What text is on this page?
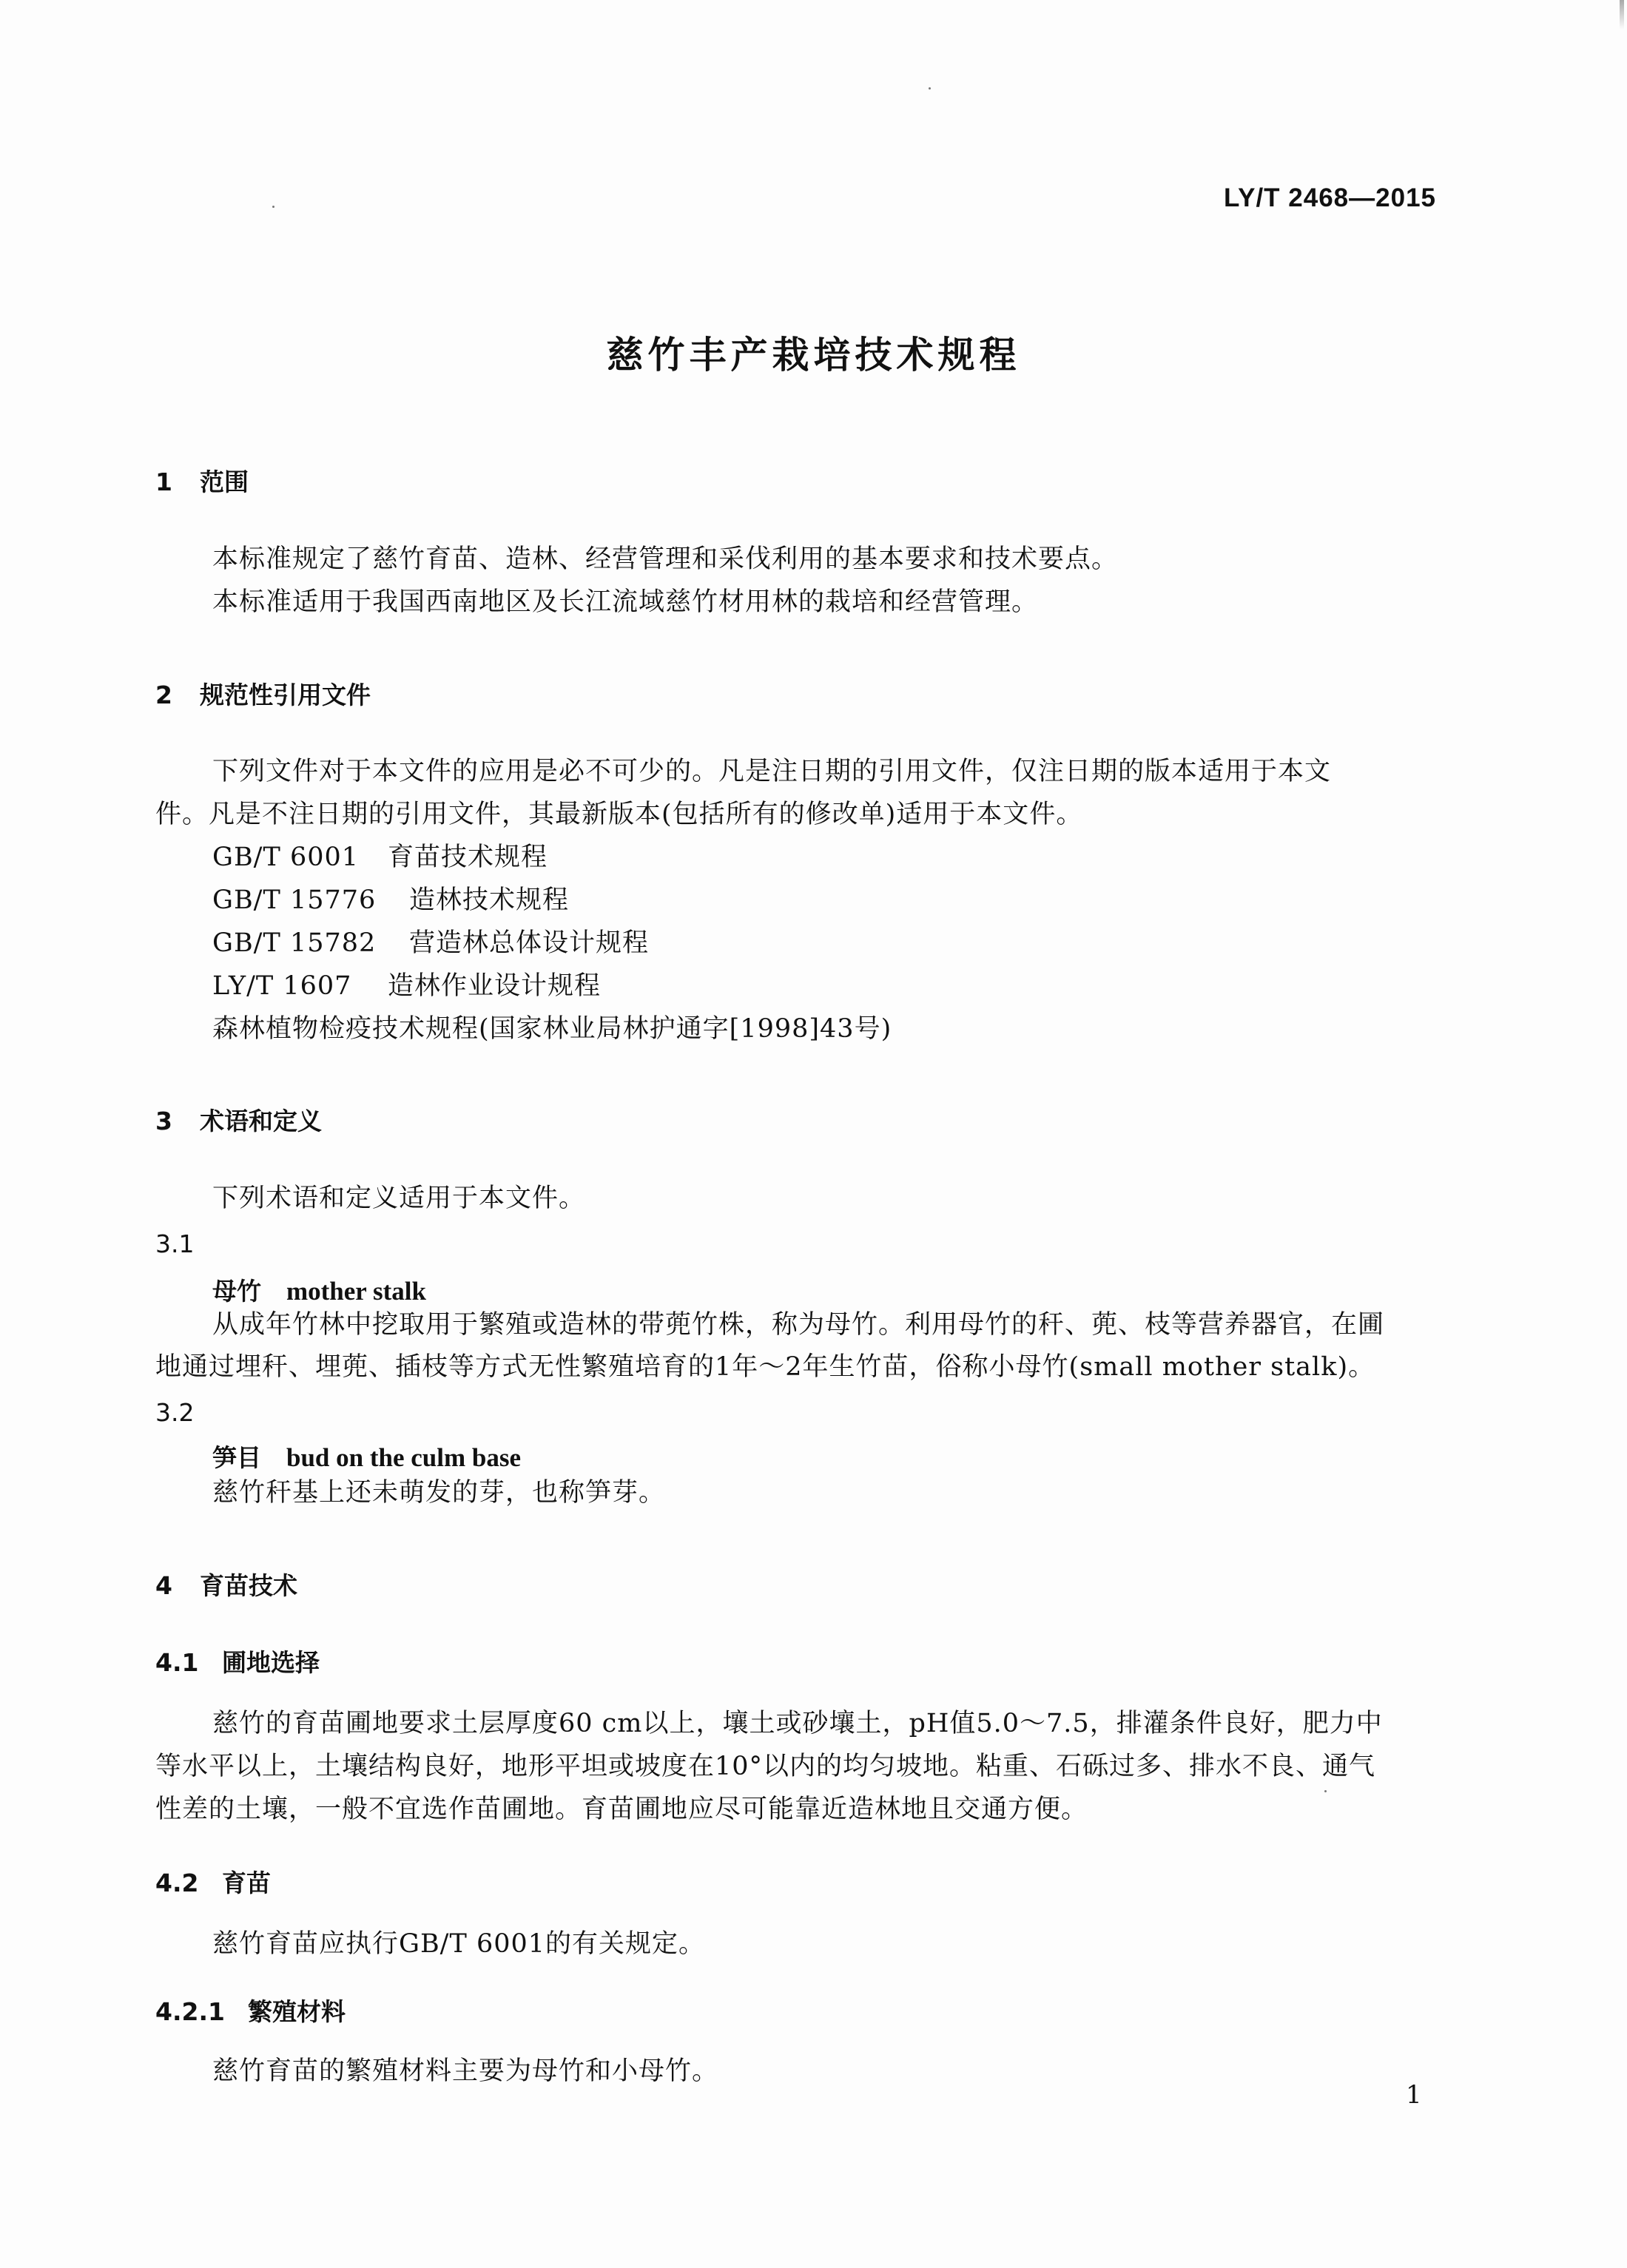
LY/T 2468—2015
慈竹丰产栽培技术规程
1 范围

本标准规定了慈竹育苗、造林、经营管理和采伐利用的基本要求和技术要点。

本标准适用于我国西南地区及长江流域慈竹材用林的栽培和经营管理。

2 规范性引用文件

下列文件对于本文件的应用是必不可少的。凡是注日期的引用文件，仅注日期的版本适用于本文

件。凡是不注日期的引用文件，其最新版本(包括所有的修改单)适用于本文件。

GB/T 6001 育苗技术规程

GB/T 15776 造林技术规程

GB/T 15782 营造林总体设计规程

LY/T 1607 造林作业设计规程

森林植物检疫技术规程(国家林业局林护通字[1998]43号)

3 术语和定义

下列术语和定义适用于本文件。

3.1
母竹 mother stalk

从成年竹林中挖取用于繁殖或造林的带蔸竹株，称为母竹。利用母竹的秆、蔸、枝等营养器官，在圃

地通过埋秆、埋蔸、插枝等方式无性繁殖培育的1年～2年生竹苗，俗称小母竹(small mother stalk)。

3.2
笋目 bud on the culm base

慈竹秆基上还未萌发的芽，也称笋芽。

4 育苗技术
4.1 圃地选择

慈竹的育苗圃地要求土层厚度60 cm以上，壤土或砂壤土，pH值5.0～7.5，排灌条件良好，肥力中

等水平以上，土壤结构良好，地形平坦或坡度在10°以内的均匀坡地。粘重、石砾过多、排水不良、通气

性差的土壤，一般不宜选作苗圃地。育苗圃地应尽可能靠近造林地且交通方便。

4.2 育苗

慈竹育苗应执行GB/T 6001的有关规定。

4.2.1 繁殖材料

慈竹育苗的繁殖材料主要为母竹和小母竹。

1
